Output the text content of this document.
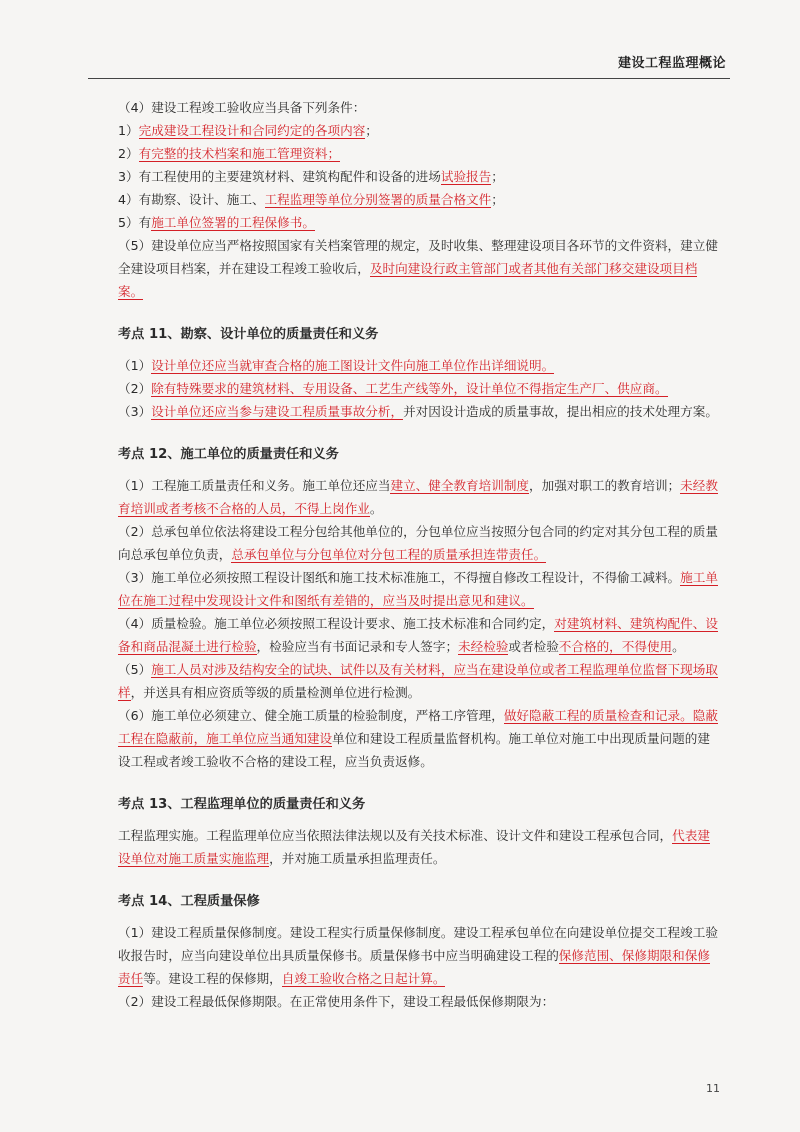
建设工程监理概论
（4）建设工程竣工验收应当具备下列条件：
1）完成建设工程设计和合同约定的各项内容；
2）有完整的技术档案和施工管理资料；
3）有工程使用的主要建筑材料、建筑构配件和设备的进场试验报告；
4）有勘察、设计、施工、工程监理等单位分别签署的质量合格文件；
5）有施工单位签署的工程保修书。
（5）建设单位应当严格按照国家有关档案管理的规定，及时收集、整理建设项目各环节的文件资料，建立健全建设项目档案，并在建设工程竣工验收后，及时向建设行政主管部门或者其他有关部门移交建设项目档案。
考点 11、勘察、设计单位的质量责任和义务
（1）设计单位还应当就审查合格的施工图设计文件向施工单位作出详细说明。
（2）除有特殊要求的建筑材料、专用设备、工艺生产线等外，设计单位不得指定生产厂、供应商。
（3）设计单位还应当参与建设工程质量事故分析，并对因设计造成的质量事故，提出相应的技术处理方案。
考点 12、施工单位的质量责任和义务
（1）工程施工质量责任和义务。施工单位还应当建立、健全教育培训制度，加强对职工的教育培训；未经教育培训或者考核不合格的人员，不得上岗作业。
（2）总承包单位依法将建设工程分包给其他单位的，分包单位应当按照分包合同的约定对其分包工程的质量向总承包单位负责，总承包单位与分包单位对分包工程的质量承担连带责任。
（3）施工单位必须按照工程设计图纸和施工技术标准施工，不得擅自修改工程设计，不得偷工减料。施工单位在施工过程中发现设计文件和图纸有差错的，应当及时提出意见和建议。
（4）质量检验。施工单位必须按照工程设计要求、施工技术标准和合同约定，对建筑材料、建筑构配件、设备和商品混凝土进行检验，检验应当有书面记录和专人签字；未经检验或者检验不合格的，不得使用。
（5）施工人员对涉及结构安全的试块、试件以及有关材料，应当在建设单位或者工程监理单位监督下现场取样，并送具有相应资质等级的质量检测单位进行检测。
（6）施工单位必须建立、健全施工质量的检验制度，严格工序管理，做好隐蔽工程的质量检查和记录。隐蔽工程在隐蔽前，施工单位应当通知建设单位和建设工程质量监督机构。施工单位对施工中出现质量问题的建设工程或者竣工验收不合格的建设工程，应当负责返修。
考点 13、工程监理单位的质量责任和义务
工程监理实施。工程监理单位应当依照法律法规以及有关技术标准、设计文件和建设工程承包合同，代表建设单位对施工质量实施监理，并对施工质量承担监理责任。
考点 14、工程质量保修
（1）建设工程质量保修制度。建设工程实行质量保修制度。建设工程承包单位在向建设单位提交工程竣工验收报告时，应当向建设单位出具质量保修书。质量保修书中应当明确建设工程的保修范围、保修期限和保修责任等。建设工程的保修期，自竣工验收合格之日起计算。
（2）建设工程最低保修期限。在正常使用条件下，建设工程最低保修期限为：
11
